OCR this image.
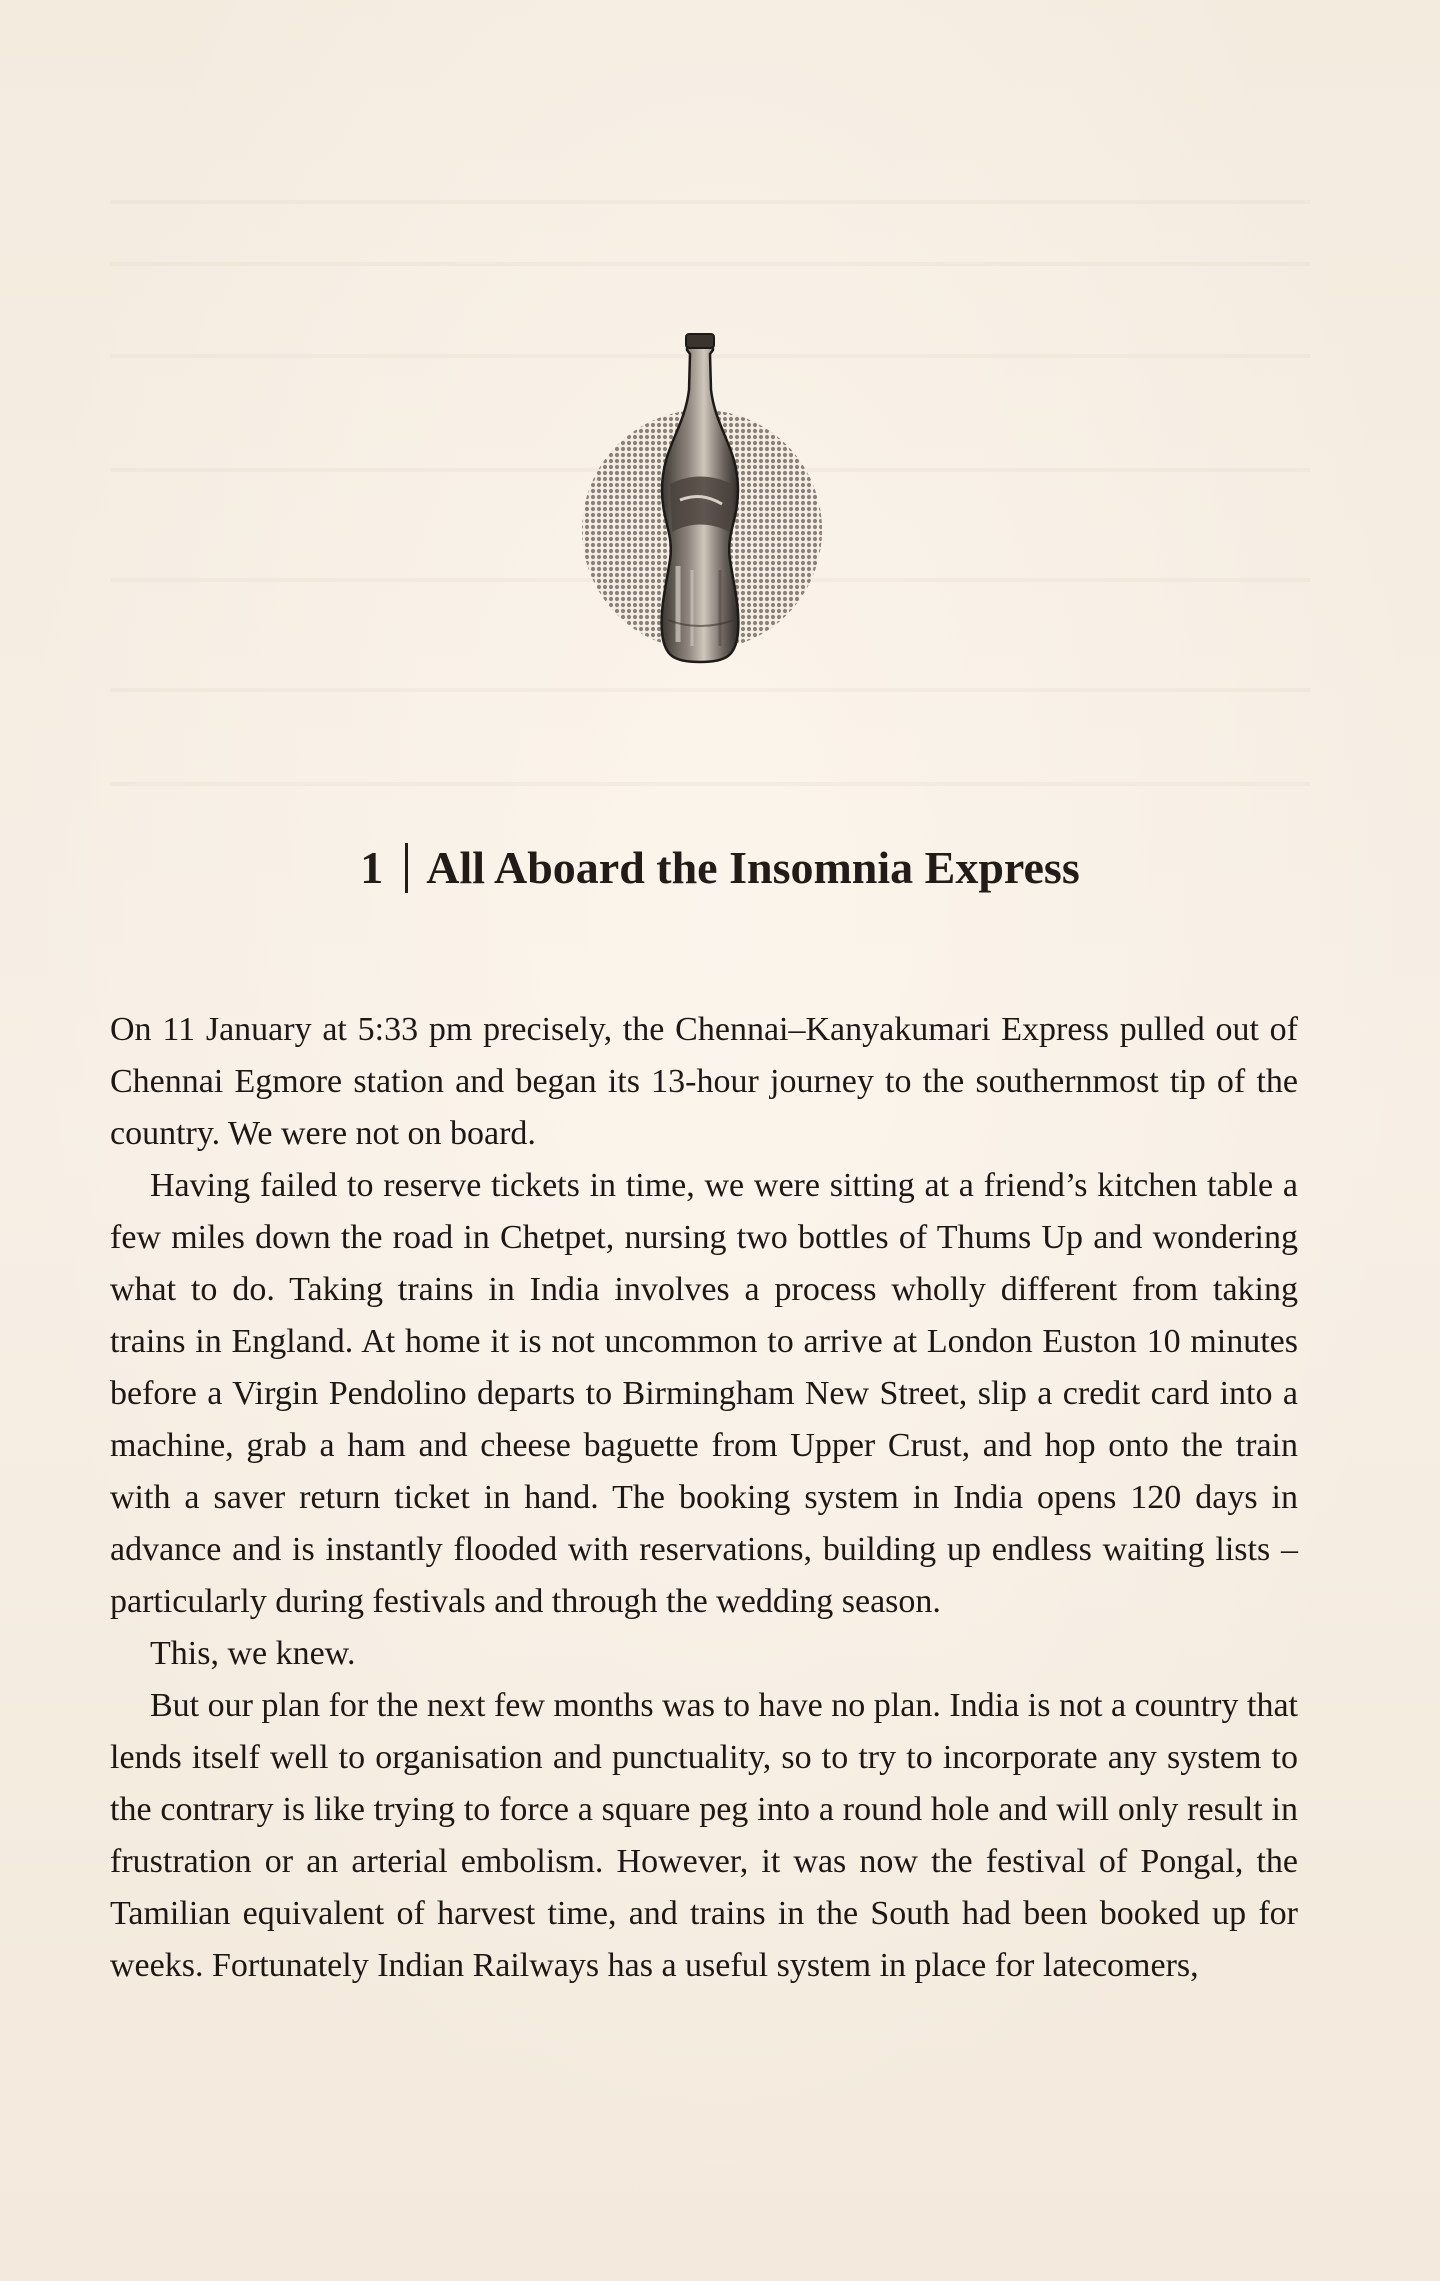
1 All Aboard the Insomnia Express

On 11 January at 5:33 pm precisely, the Chennai–Kanyakumari Express pulled out of Chennai Egmore station and began its 13-hour journey to the southernmost tip of the country. We were not on board.

Having failed to reserve tickets in time, we were sitting at a friend’s kitchen table a few miles down the road in Chetpet, nursing two bottles of Thums Up and wondering what to do. Taking trains in India involves a process wholly different from taking trains in England. At home it is not uncommon to arrive at London Euston 10 minutes before a Virgin Pendolino departs to Birmingham New Street, slip a credit card into a machine, grab a ham and cheese baguette from Upper Crust, and hop onto the train with a saver return ticket in hand. The booking system in India opens 120 days in advance and is instantly flooded with reservations, building up endless waiting lists – particularly during festivals and through the wedding season.

This, we knew.

But our plan for the next few months was to have no plan. India is not a country that lends itself well to organisation and punctuality, so to try to incorporate any system to the contrary is like trying to force a square peg into a round hole and will only result in frustration or an arterial embolism. However, it was now the festival of Pongal, the Tamilian equivalent of harvest time, and trains in the South had been booked up for weeks. Fortunately Indian Railways has a useful system in place for latecomers,
